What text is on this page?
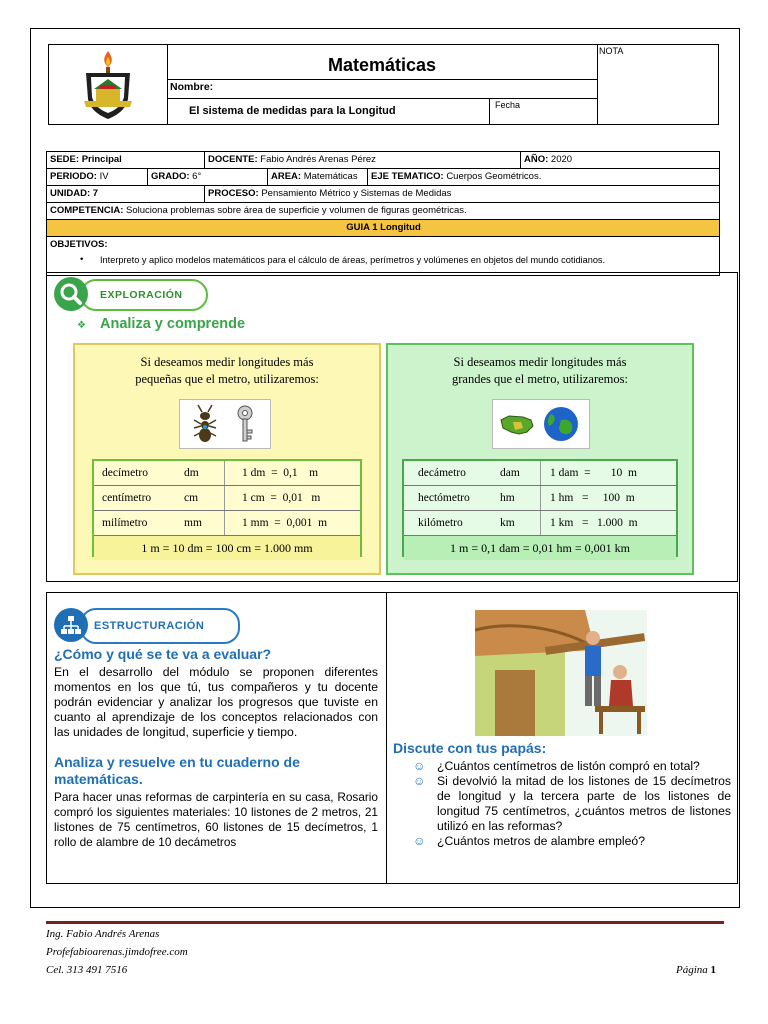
Matemáticas
Nombre:
El sistema de medidas para la Longitud	Fecha
NOTA
SEDE: Principal	DOCENTE: Fabio Andrés Arenas Pérez	AÑO: 2020
PERIODO: IV	GRADO: 6°	AREA: Matemáticas	EJE TEMATICO: Cuerpos Geométricos.
UNIDAD: 7	PROCESO: Pensamiento Métrico y Sistemas de Medidas
COMPETENCIA: Soluciona problemas sobre área de superficie y volumen de figuras geométricas.
GUIA 1 Longitud
OBJETIVOS:
•	Interpreto y aplico modelos matemáticos para el cálculo de áreas, perímetros y volúmenes en objetos del mundo cotidianos.
EXPLORACIÓN
❖ Analiza y comprende
Si deseamos medir longitudes más
pequeñas que el metro, utilizaremos:
decímetro	dm	1 dm  =  0,1    m
centímetro	cm	1 cm  =  0,01   m
milímetro	mm	1 mm  =  0,001  m
1 m = 10 dm = 100 cm = 1.000 mm
Si deseamos medir longitudes más
grandes que el metro, utilizaremos:
decámetro	dam	1 dam  =       10  m
hectómetro	hm	1 hm   =     100  m
kilómetro	km	1 km   =   1.000  m
1 m = 0,1 dam = 0,01 hm = 0,001 km
ESTRUCTURACIÓN
¿Cómo y qué se te va a evaluar?
En el desarrollo del módulo se proponen diferentes momentos en los que tú, tus compañeros y tu docente podrán evidenciar y analizar los progresos que tuviste en cuanto al aprendizaje de los conceptos relacionados con las unidades de longitud, superficie y tiempo.
Analiza y resuelve en tu cuaderno de matemáticas.
Para hacer unas reformas de carpintería en su casa, Rosario compró los siguientes materiales: 10 listones de 2 metros, 21 listones de 75 centímetros, 60 listones de 15 decímetros, 1 rollo de alambre de 10 decámetros
Discute con tus papás:
☺ ¿Cuántos centímetros de listón compró en total?
☺ Si devolvió la mitad de los listones de 15 decímetros de longitud y la tercera parte de los listones de longitud 75 centímetros, ¿cuántos metros de listones utilizó en las reformas?
☺ ¿Cuántos metros de alambre empleó?
Ing. Fabio Andrés Arenas
Profefabioarenas.jimdofree.com
Cel. 313 491 7516	Página 1
